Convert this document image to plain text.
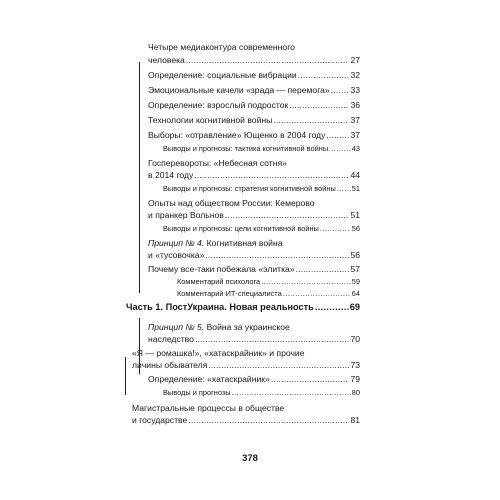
Четыре медиаконтура современного
человека . . .	27
Определение: социальные вибрации . . .	32
Эмоциональные качели «зрада — перемога» . . . 33
Определение: взрослый подросток . . .	36
Технологии когнитивной войны . . .	37
Выборы: «отравление» Ющенко в 2004 году . . .	37
Выводы и прогнозы: тактика когнитивной войны. . . .	43
Госперевороты: «Небесная сотня»
в 2014 году . . .	44
Выводы и прогнозы: стратегия когнитивной войны . . . 51
Опыты над обществом России: Кемерово
и пранкер Вольнов . . .	51
Выводы и прогнозы: цели когнитивной войны . . .	56
Принцип № 4. Когнитивная война
и «тусовочка» . . .	56
Почему все-таки побежала «элитка» . . .	57
Комментарий психолога . . .	59
Комментарий ИТ-специалиста . . .	64
Часть 1. ПостУкраина. Новая реальность . . .	69
Принцип № 5. Война за украинское
наследство . . .	70
«Я — ромашка!», «хатаскрайник» и прочие
личины обывателя . . .	73
Определение: «хатаскрайник» . . .	79
Выводы и прогнозы . . .	80
Магистральные процессы в обществе
и государстве . . .	81
378
